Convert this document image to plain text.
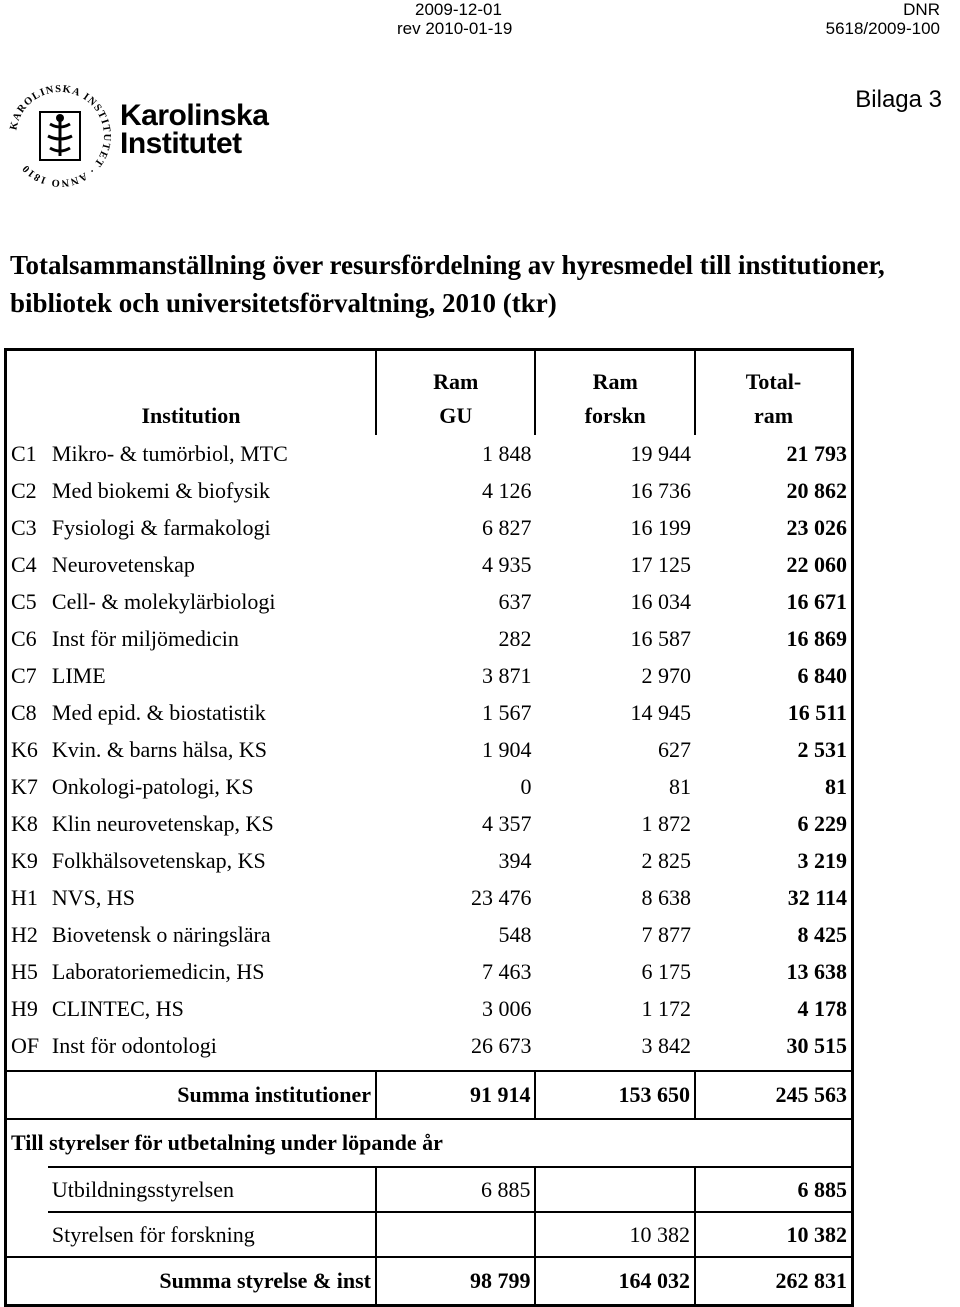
2009-12-01
rev 2010-01-19
DNR
5618/2009-100
Bilaga 3
KAROLINSKA INSTITUTET · ANNO 1810
Karolinska
Institutet
Totalsammanställning över resursfördelning av hyresmedel till institutioner, bibliotek och universitetsförvaltning, 2010 (tkr)
		Ram	Ram	Total-
Institution		GU	forskn	ram
C1	Mikro- & tumörbiol, MTC	1 848	19 944	21 793
C2	Med biokemi & biofysik	4 126	16 736	20 862
C3	Fysiologi & farmakologi	6 827	16 199	23 026
C4	Neurovetenskap	4 935	17 125	22 060
C5	Cell- & molekylärbiologi	637	16 034	16 671
C6	Inst för miljömedicin	282	16 587	16 869
C7	LIME	3 871	2 970	6 840
C8	Med epid. & biostatistik	1 567	14 945	16 511
K6	Kvin. & barns hälsa, KS	1 904	627	2 531
K7	Onkologi-patologi, KS	0	81	81
K8	Klin neurovetenskap, KS	4 357	1 872	6 229
K9	Folkhälsovetenskap, KS	394	2 825	3 219
H1	NVS, HS	23 476	8 638	32 114
H2	Biovetensk o näringslära	548	7 877	8 425
H5	Laboratoriemedicin, HS	7 463	6 175	13 638
H9	CLINTEC, HS	3 006	1 172	4 178
OF	Inst för odontologi	26 673	3 842	30 515

Summa institutioner		91 914	153 650	245 563
Till styrelser för utbetalning under löpande år				
	Utbildningsstyrelsen	6 885		6 885
	Styrelsen för forskning		10 382	10 382
Summa styrelse & inst		98 799	164 032	262 831
